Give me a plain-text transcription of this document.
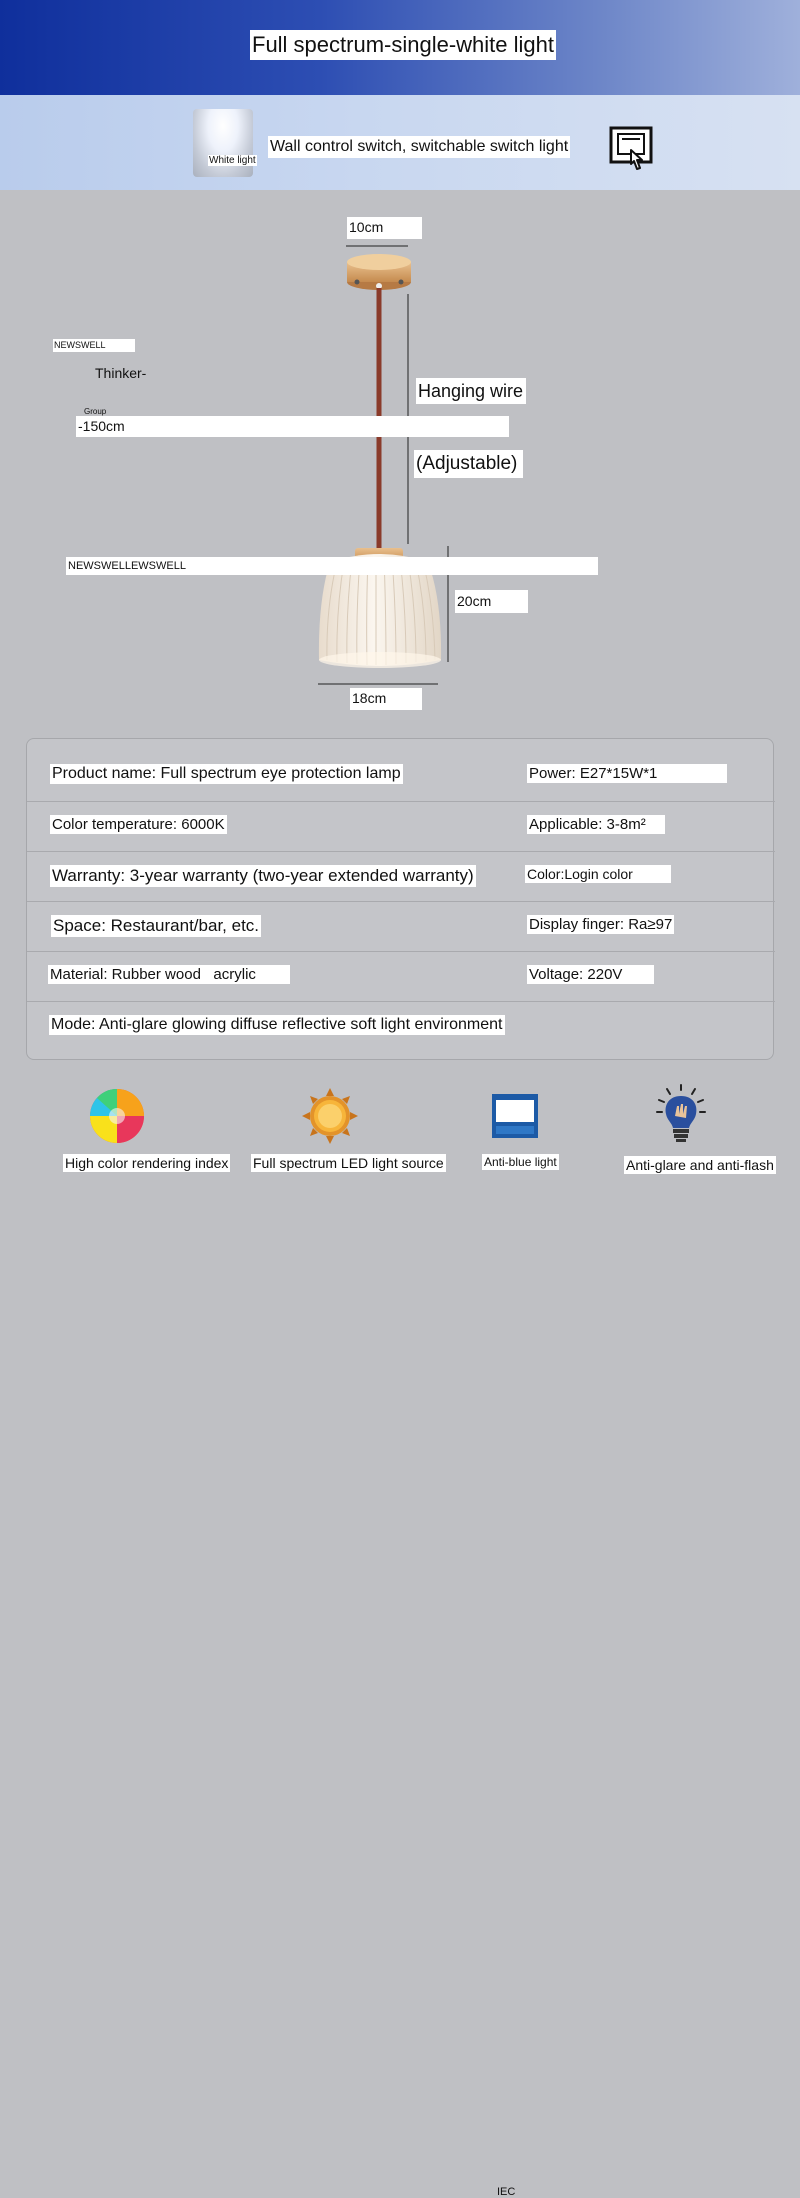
Full spectrum-single-white light
White light
Wall control switch, switchable switch light
10cm
NEWSWELL
Thinker-
Group
Hanging wire
-150cm
(Adjustable)
NEWSWELLEWSWELL
20cm
18cm
Product name: Full spectrum eye protection lamp	Power: E27*15W*1
Color temperature: 6000K	Applicable: 3-8m²
Warranty: 3-year warranty (two-year extended warranty)	Color:Login color
Space: Restaurant/bar, etc.	Display finger: Ra≥97
Material: Rubber wood   acrylic	Voltage: 220V
Mode: Anti-glare glowing diffuse reflective soft light environment
High color rendering index Full spectrum LED light source
IEC
Anti-blue light	Anti-glare and anti-flash
